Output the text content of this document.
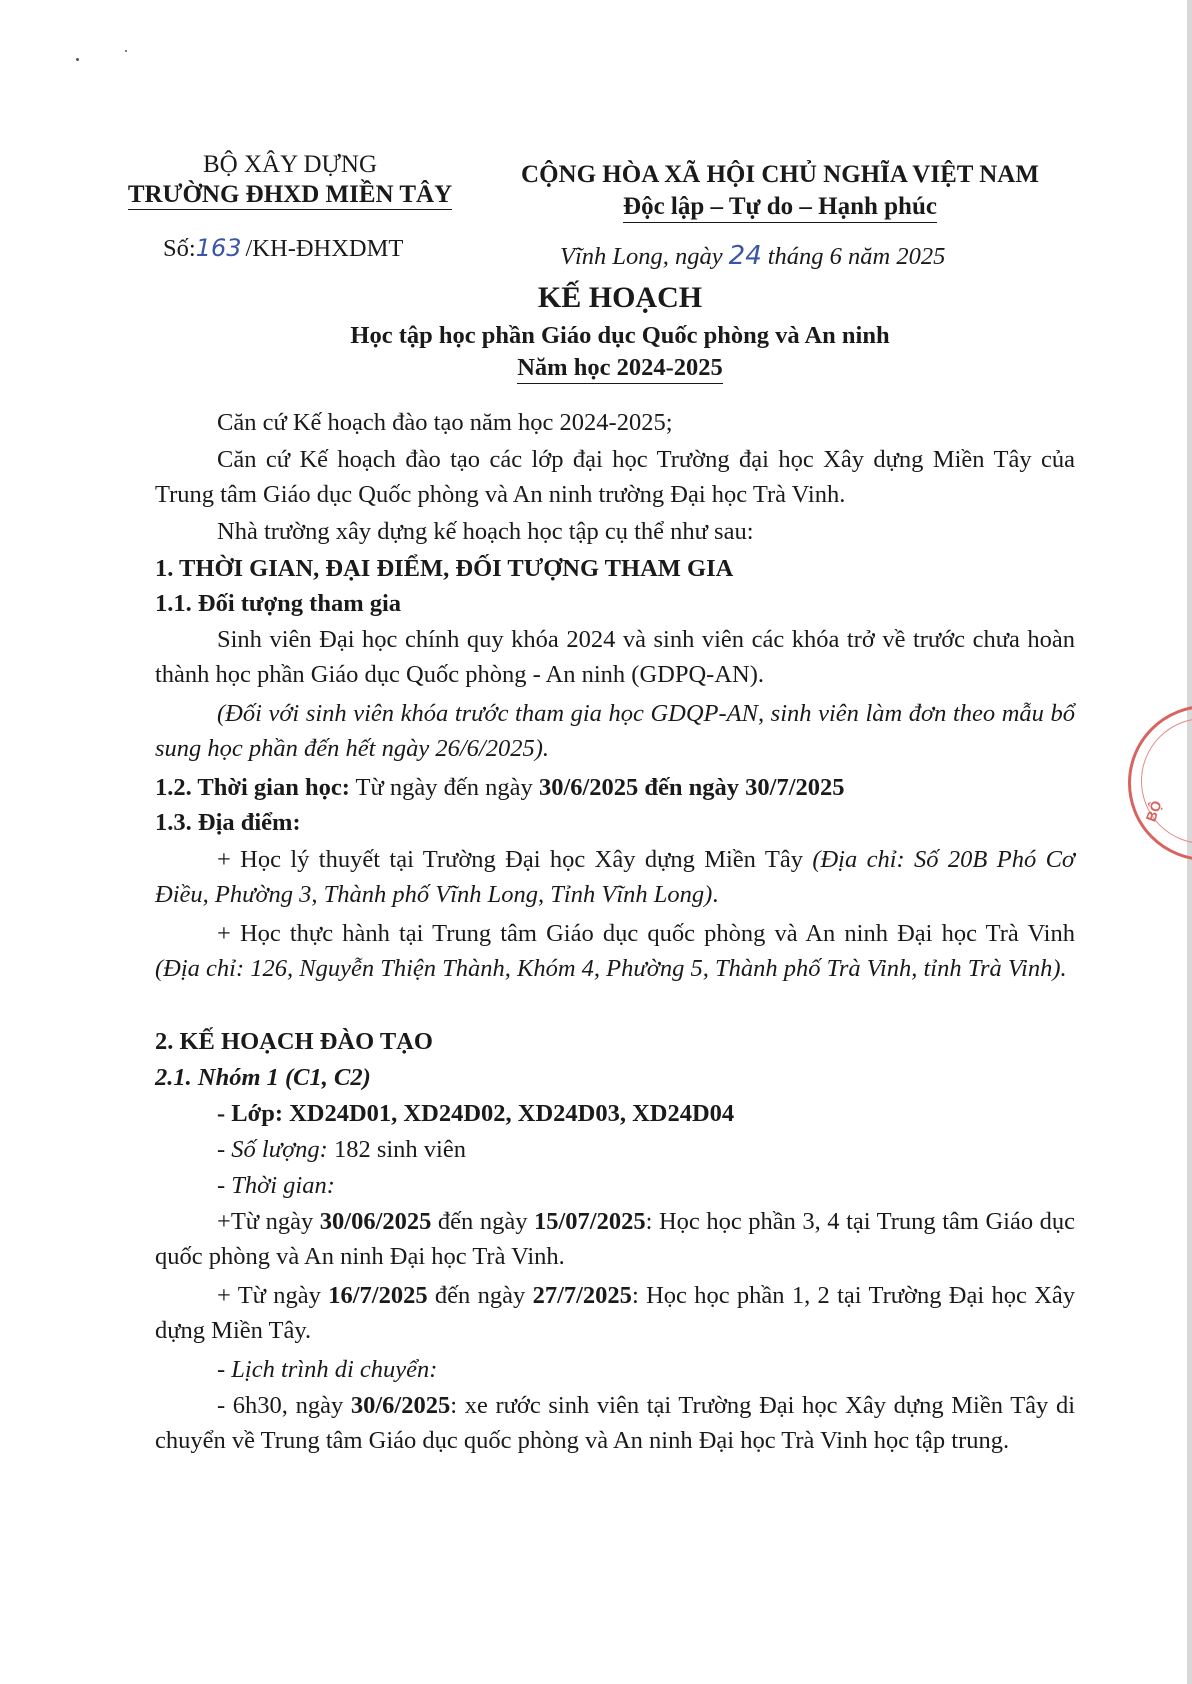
BỘ XÂY DỰNG
TRƯỜNG ĐHXD MIỀN TÂY
Số:163 /KH-ĐHXDMT
CỘNG HÒA XÃ HỘI CHỦ NGHĨA VIỆT NAM
Độc lập – Tự do – Hạnh phúc
Vĩnh Long, ngày 24 tháng 6 năm 2025
KẾ HOẠCH
Học tập học phần Giáo dục Quốc phòng và An ninh
Năm học 2024-2025
Căn cứ Kế hoạch đào tạo năm học 2024-2025;
Căn cứ Kế hoạch đào tạo các lớp đại học Trường đại học Xây dựng Miền Tây của Trung tâm Giáo dục Quốc phòng và An ninh trường Đại học Trà Vinh.
Nhà trường xây dựng kế hoạch học tập cụ thể như sau:
1. THỜI GIAN, ĐẠI ĐIỂM, ĐỐI TƯỢNG THAM GIA
1.1. Đối tượng tham gia
Sinh viên Đại học chính quy khóa 2024 và sinh viên các khóa trở về trước chưa hoàn thành học phần Giáo dục Quốc phòng - An ninh (GDPQ-AN).
(Đối với sinh viên khóa trước tham gia học GDQP-AN, sinh viên làm đơn theo mẫu bổ sung học phần đến hết ngày 26/6/2025).
1.2. Thời gian học: Từ ngày đến ngày 30/6/2025 đến ngày 30/7/2025
1.3. Địa điểm:
+ Học lý thuyết tại Trường Đại học Xây dựng Miền Tây (Địa chỉ: Số 20B Phó Cơ Điều, Phường 3, Thành phố Vĩnh Long, Tỉnh Vĩnh Long).
+ Học thực hành tại Trung tâm Giáo dục quốc phòng và An ninh Đại học Trà Vinh (Địa chỉ: 126, Nguyễn Thiện Thành, Khóm 4, Phường 5, Thành phố Trà Vinh, tỉnh Trà Vinh).
2. KẾ HOẠCH ĐÀO TẠO
2.1. Nhóm 1 (C1, C2)
- Lớp: XD24D01, XD24D02, XD24D03, XD24D04
- Số lượng: 182 sinh viên
- Thời gian:
+Từ ngày 30/06/2025 đến ngày 15/07/2025: Học học phần 3, 4 tại Trung tâm Giáo dục quốc phòng và An ninh Đại học Trà Vinh.
+ Từ ngày 16/7/2025 đến ngày 27/7/2025: Học học phần 1, 2 tại Trường Đại học Xây dựng Miền Tây.
- Lịch trình di chuyển:
- 6h30, ngày 30/6/2025: xe rước sinh viên tại Trường Đại học Xây dựng Miền Tây di chuyển về Trung tâm Giáo dục quốc phòng và An ninh Đại học Trà Vinh học tập trung.
BỘ
